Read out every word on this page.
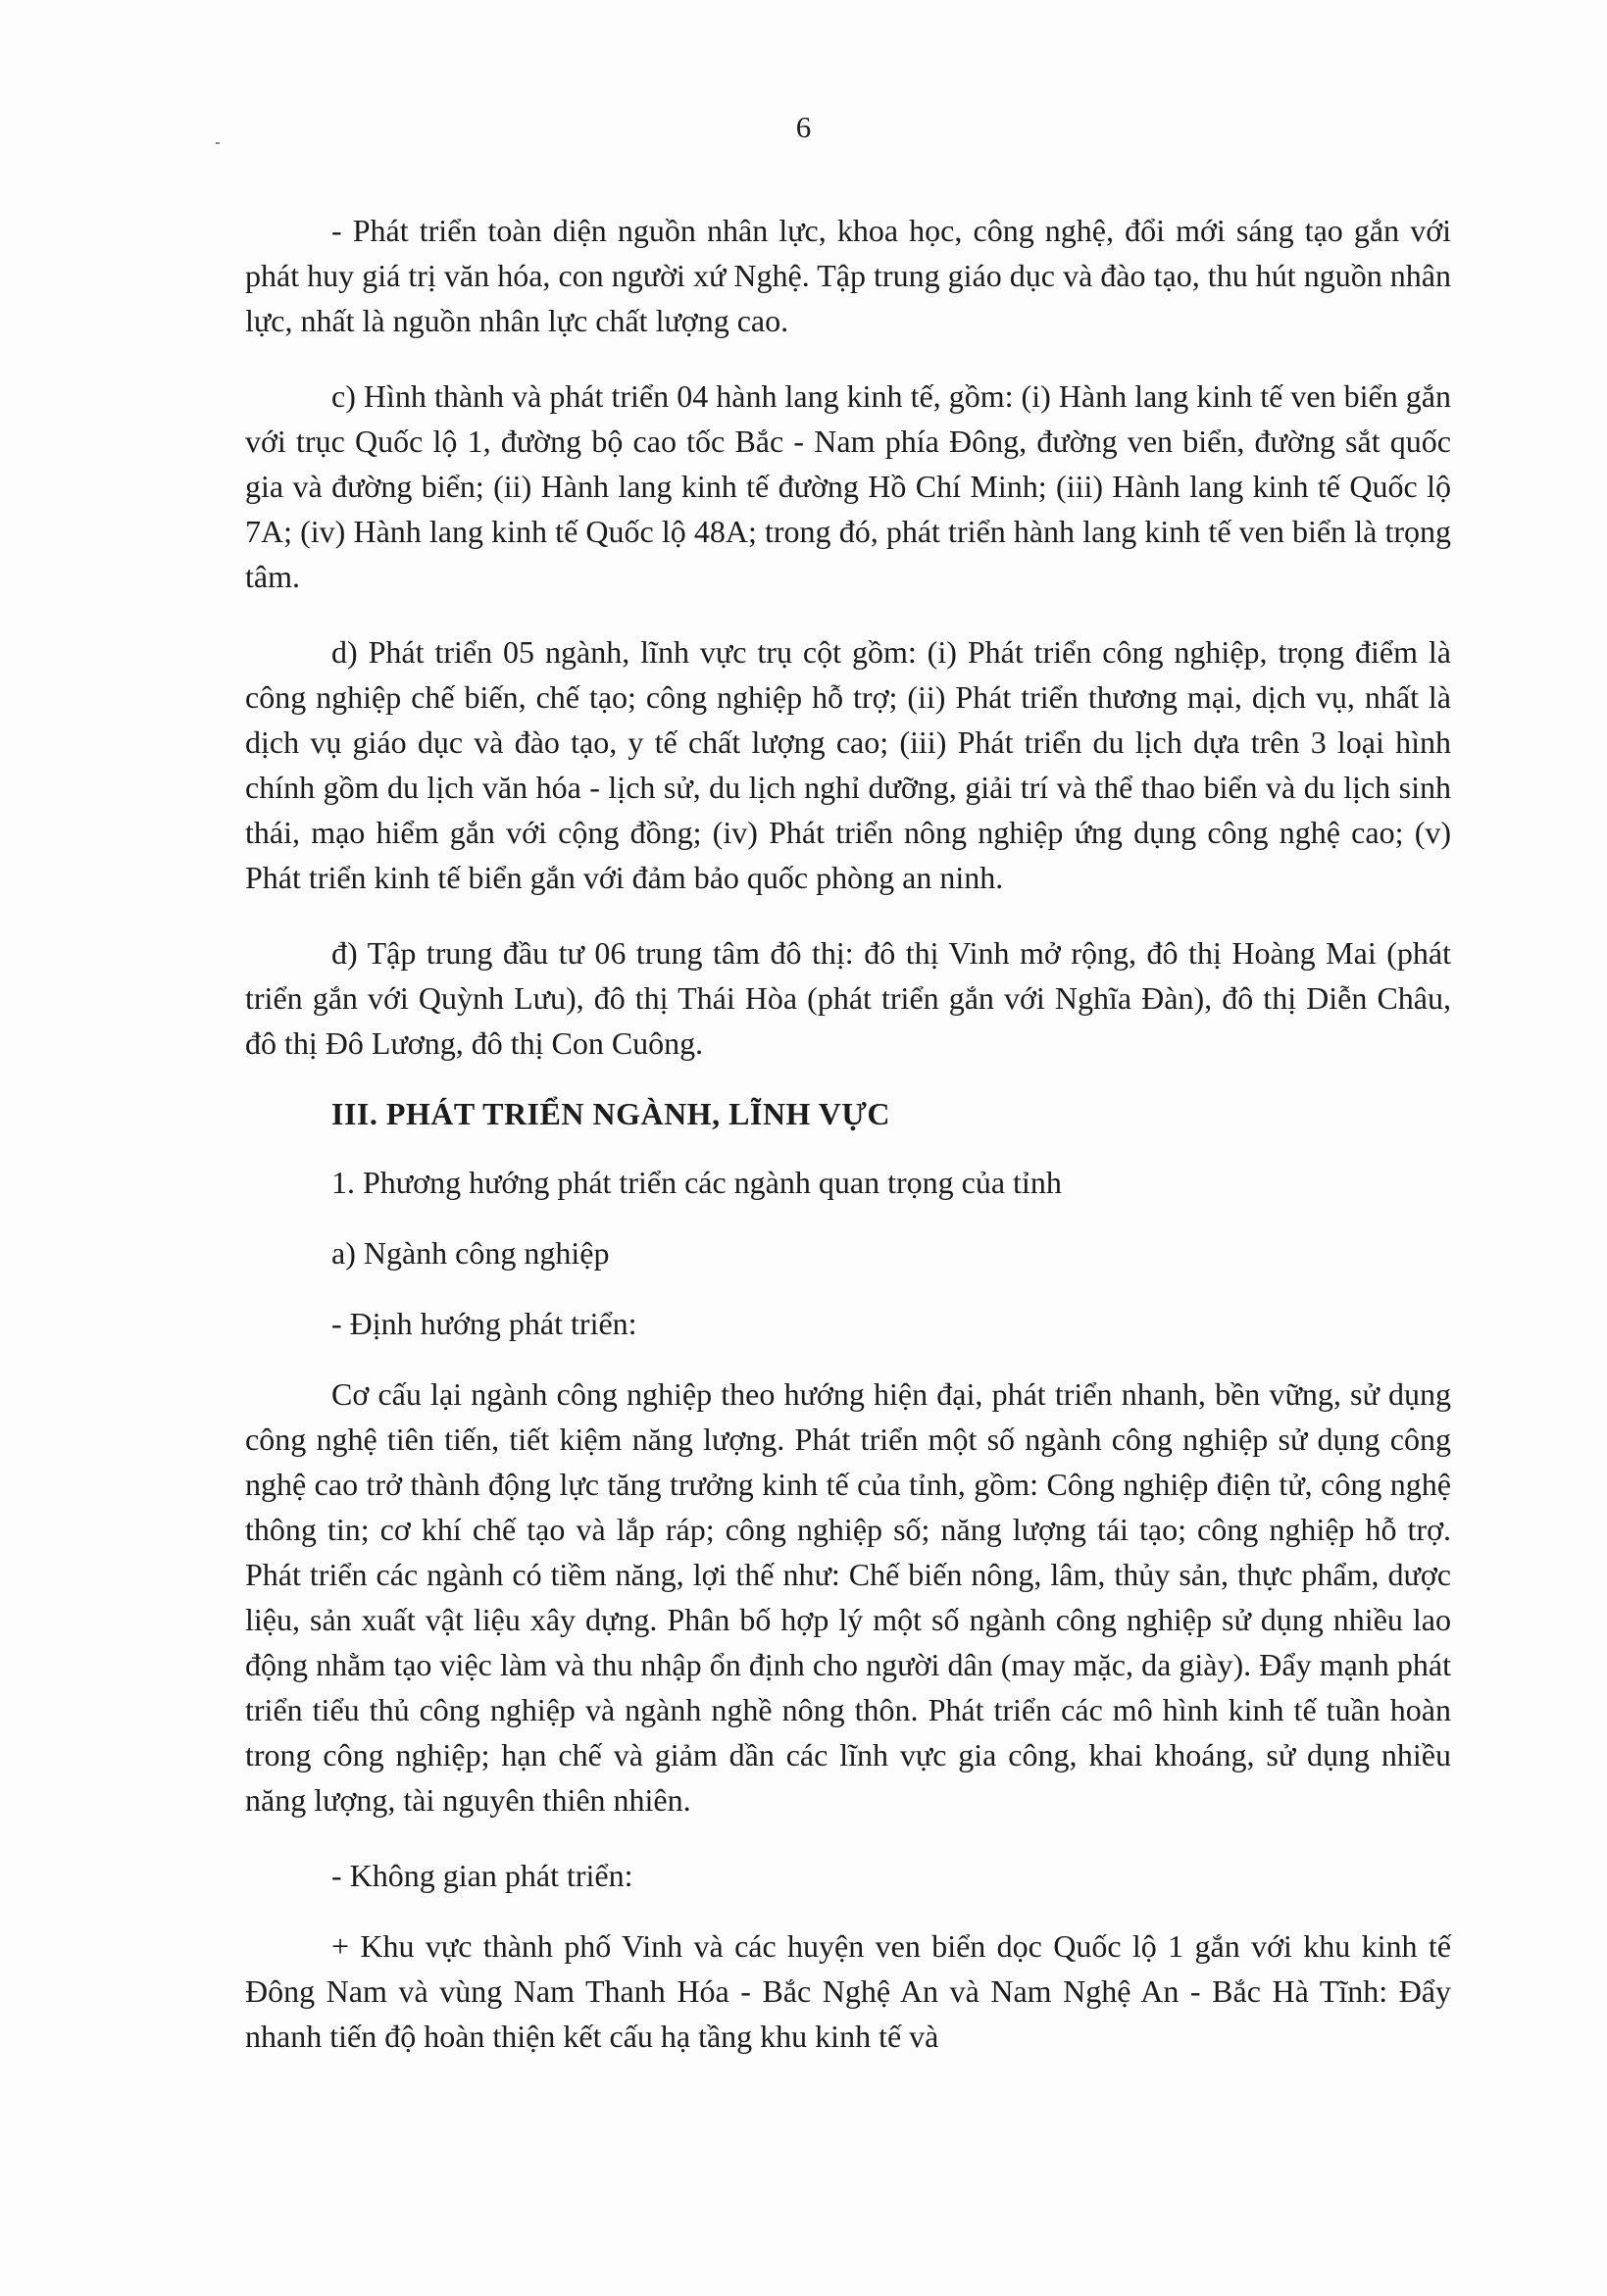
6

- Phát triển toàn diện nguồn nhân lực, khoa học, công nghệ, đổi mới sáng tạo gắn với phát huy giá trị văn hóa, con người xứ Nghệ. Tập trung giáo dục và đào tạo, thu hút nguồn nhân lực, nhất là nguồn nhân lực chất lượng cao.

c) Hình thành và phát triển 04 hành lang kinh tế, gồm: (i) Hành lang kinh tế ven biển gắn với trục Quốc lộ 1, đường bộ cao tốc Bắc - Nam phía Đông, đường ven biển, đường sắt quốc gia và đường biển; (ii) Hành lang kinh tế đường Hồ Chí Minh; (iii) Hành lang kinh tế Quốc lộ 7A; (iv) Hành lang kinh tế Quốc lộ 48A; trong đó, phát triển hành lang kinh tế ven biển là trọng tâm.

d) Phát triển 05 ngành, lĩnh vực trụ cột gồm: (i) Phát triển công nghiệp, trọng điểm là công nghiệp chế biến, chế tạo; công nghiệp hỗ trợ; (ii) Phát triển thương mại, dịch vụ, nhất là dịch vụ giáo dục và đào tạo, y tế chất lượng cao; (iii) Phát triển du lịch dựa trên 3 loại hình chính gồm du lịch văn hóa - lịch sử, du lịch nghỉ dưỡng, giải trí và thể thao biển và du lịch sinh thái, mạo hiểm gắn với cộng đồng; (iv) Phát triển nông nghiệp ứng dụng công nghệ cao; (v) Phát triển kinh tế biển gắn với đảm bảo quốc phòng an ninh.

đ) Tập trung đầu tư 06 trung tâm đô thị: đô thị Vinh mở rộng, đô thị Hoàng Mai (phát triển gắn với Quỳnh Lưu), đô thị Thái Hòa (phát triển gắn với Nghĩa Đàn), đô thị Diễn Châu, đô thị Đô Lương, đô thị Con Cuông.

III. PHÁT TRIỂN NGÀNH, LĨNH VỰC

1. Phương hướng phát triển các ngành quan trọng của tỉnh

a) Ngành công nghiệp

- Định hướng phát triển:

Cơ cấu lại ngành công nghiệp theo hướng hiện đại, phát triển nhanh, bền vững, sử dụng công nghệ tiên tiến, tiết kiệm năng lượng. Phát triển một số ngành công nghiệp sử dụng công nghệ cao trở thành động lực tăng trưởng kinh tế của tỉnh, gồm: Công nghiệp điện tử, công nghệ thông tin; cơ khí chế tạo và lắp ráp; công nghiệp số; năng lượng tái tạo; công nghiệp hỗ trợ. Phát triển các ngành có tiềm năng, lợi thế như: Chế biến nông, lâm, thủy sản, thực phẩm, dược liệu, sản xuất vật liệu xây dựng. Phân bố hợp lý một số ngành công nghiệp sử dụng nhiều lao động nhằm tạo việc làm và thu nhập ổn định cho người dân (may mặc, da giày). Đẩy mạnh phát triển tiểu thủ công nghiệp và ngành nghề nông thôn. Phát triển các mô hình kinh tế tuần hoàn trong công nghiệp; hạn chế và giảm dần các lĩnh vực gia công, khai khoáng, sử dụng nhiều năng lượng, tài nguyên thiên nhiên.

- Không gian phát triển:

+ Khu vực thành phố Vinh và các huyện ven biển dọc Quốc lộ 1 gắn với khu kinh tế Đông Nam và vùng Nam Thanh Hóa - Bắc Nghệ An và Nam Nghệ An - Bắc Hà Tĩnh: Đẩy nhanh tiến độ hoàn thiện kết cấu hạ tầng khu kinh tế và
